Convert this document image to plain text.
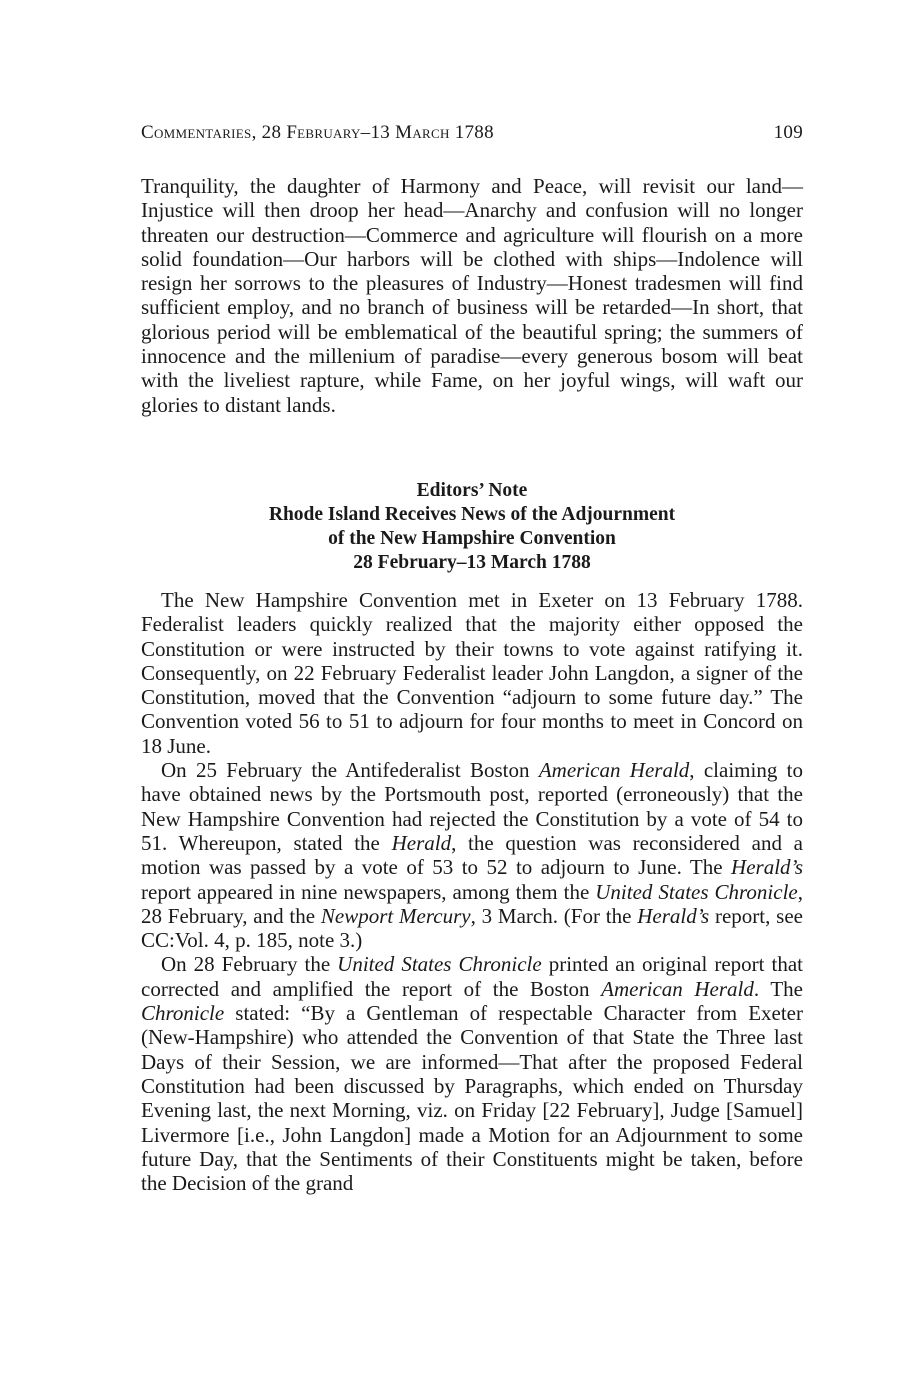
Commentaries, 28 February–13 March 1788	109

Tranquility, the daughter of Harmony and Peace, will revisit our land—Injustice will then droop her head—Anarchy and confusion will no longer threaten our destruction—Commerce and agriculture will flourish on a more solid foundation—Our harbors will be clothed with ships—Indolence will resign her sorrows to the pleasures of Industry—Honest tradesmen will find sufficient employ, and no branch of business will be retarded—In short, that glorious period will be emblematical of the beautiful spring; the summers of innocence and the millenium of paradise—every generous bosom will beat with the liveliest rapture, while Fame, on her joyful wings, will waft our glories to distant lands.

Editors’ Note
Rhode Island Receives News of the Adjournment
of the New Hampshire Convention
28 February–13 March 1788

The New Hampshire Convention met in Exeter on 13 February 1788. Federalist leaders quickly realized that the majority either opposed the Constitution or were instructed by their towns to vote against ratifying it. Consequently, on 22 February Federalist leader John Langdon, a signer of the Constitution, moved that the Convention “adjourn to some future day.” The Convention voted 56 to 51 to adjourn for four months to meet in Concord on 18 June.

On 25 February the Antifederalist Boston American Herald, claiming to have obtained news by the Portsmouth post, reported (erroneously) that the New Hampshire Convention had rejected the Constitution by a vote of 54 to 51. Whereupon, stated the Herald, the question was reconsidered and a motion was passed by a vote of 53 to 52 to adjourn to June. The Herald’s report appeared in nine newspapers, among them the United States Chronicle, 28 February, and the Newport Mercury, 3 March. (For the Herald’s report, see CC:Vol. 4, p. 185, note 3.)

On 28 February the United States Chronicle printed an original report that corrected and amplified the report of the Boston American Herald. The Chronicle stated: “By a Gentleman of respectable Character from Exeter (New-Hampshire) who attended the Convention of that State the Three last Days of their Session, we are informed—That after the proposed Federal Constitution had been discussed by Paragraphs, which ended on Thursday Evening last, the next Morning, viz. on Friday [22 February], Judge [Samuel] Livermore [i.e., John Langdon] made a Motion for an Adjournment to some future Day, that the Sentiments of their Constituents might be taken, before the Decision of the grand
